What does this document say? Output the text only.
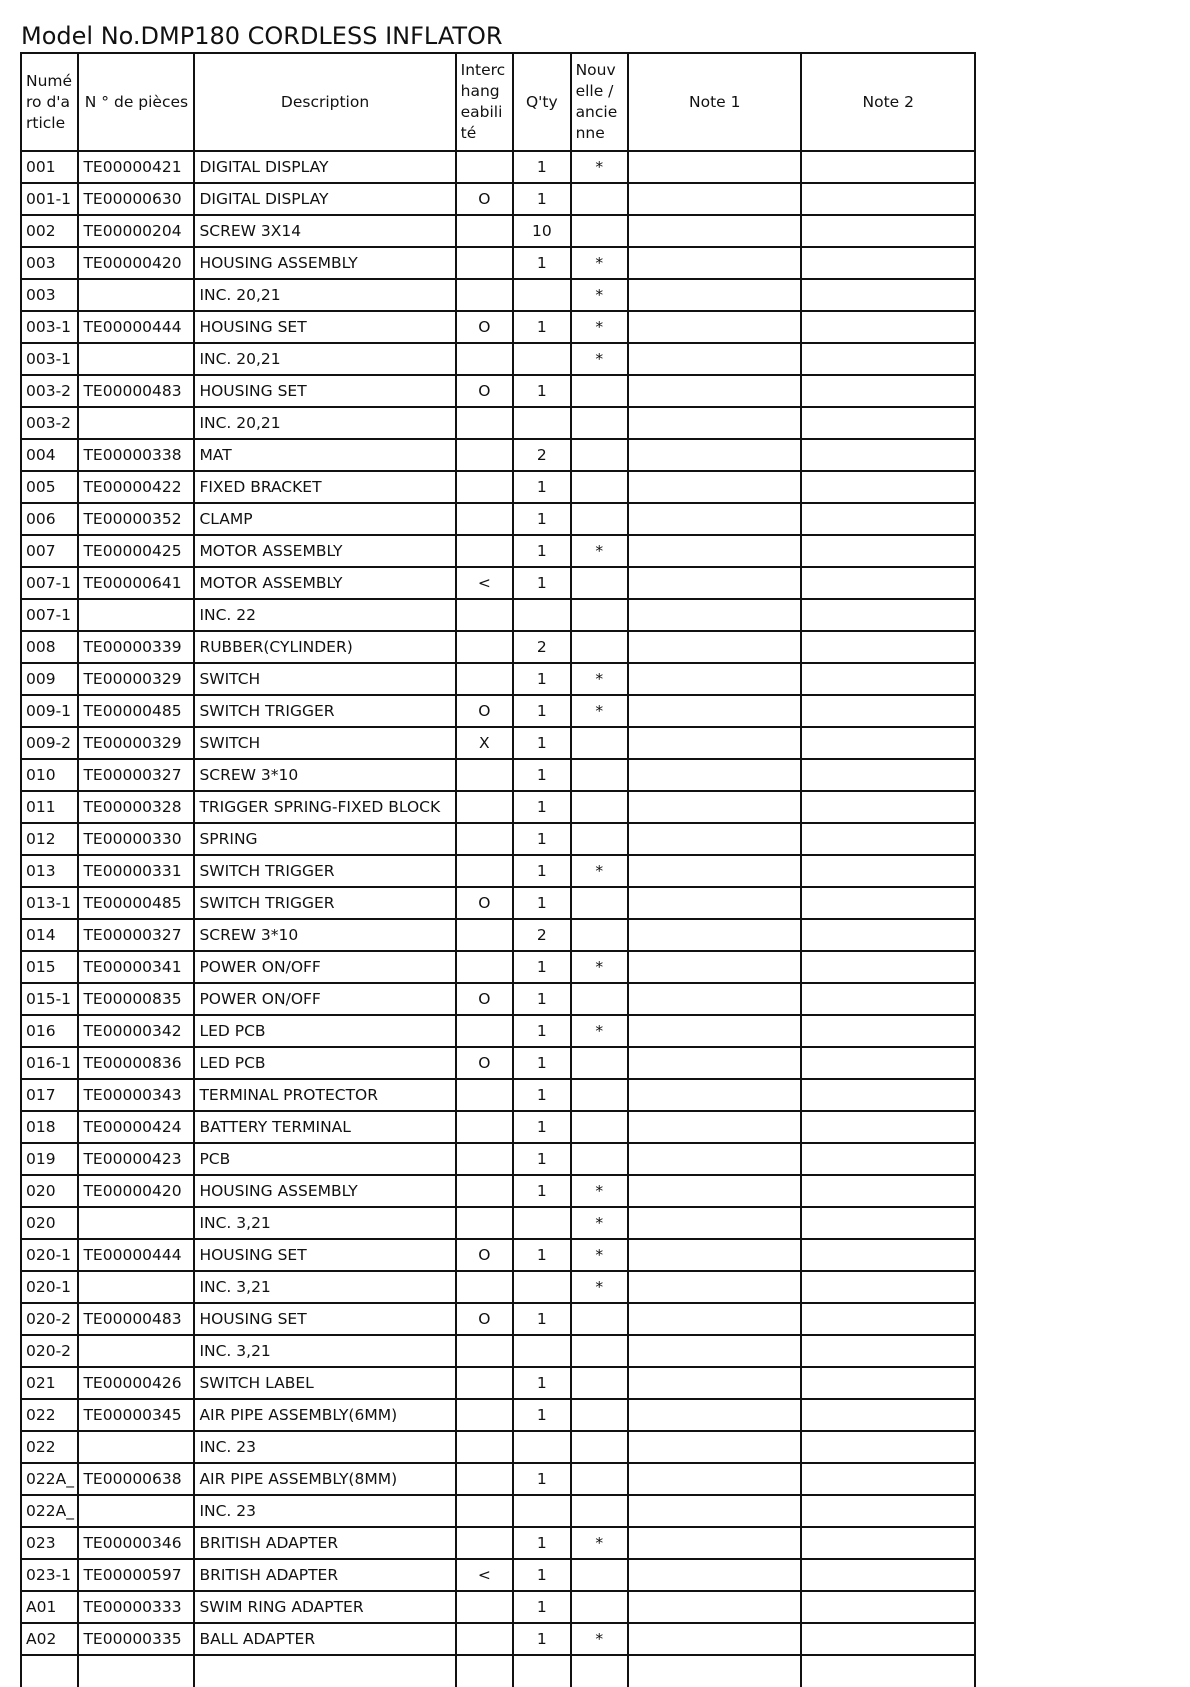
Model No.DMP180 CORDLESS INFLATOR
Numéro d'article	N ° de pièces	Description	Interchangeabilité	Q'ty	Nouvelle / ancienne	Note 1	Note 2
001	TE00000421	DIGITAL DISPLAY		1	*		
001-1	TE00000630	DIGITAL DISPLAY	O	1			
002	TE00000204	SCREW 3X14		10			
003	TE00000420	HOUSING ASSEMBLY		1	*		
003		INC. 20,21			*		
003-1	TE00000444	HOUSING SET	O	1	*		
003-1		INC. 20,21			*		
003-2	TE00000483	HOUSING SET	O	1			
003-2		INC. 20,21					
004	TE00000338	MAT		2			
005	TE00000422	FIXED BRACKET		1			
006	TE00000352	CLAMP		1			
007	TE00000425	MOTOR ASSEMBLY		1	*		
007-1	TE00000641	MOTOR ASSEMBLY	<	1			
007-1		INC. 22					
008	TE00000339	RUBBER(CYLINDER)		2			
009	TE00000329	SWITCH		1	*		
009-1	TE00000485	SWITCH TRIGGER	O	1	*		
009-2	TE00000329	SWITCH	X	1			
010	TE00000327	SCREW 3*10		1			
011	TE00000328	TRIGGER SPRING-FIXED BLOCK		1			
012	TE00000330	SPRING		1			
013	TE00000331	SWITCH TRIGGER		1	*		
013-1	TE00000485	SWITCH TRIGGER	O	1			
014	TE00000327	SCREW 3*10		2			
015	TE00000341	POWER ON/OFF		1	*		
015-1	TE00000835	POWER ON/OFF	O	1			
016	TE00000342	LED PCB		1	*		
016-1	TE00000836	LED PCB	O	1			
017	TE00000343	TERMINAL PROTECTOR		1			
018	TE00000424	BATTERY TERMINAL		1			
019	TE00000423	PCB		1			
020	TE00000420	HOUSING ASSEMBLY		1	*		
020		INC. 3,21			*		
020-1	TE00000444	HOUSING SET	O	1	*		
020-1		INC. 3,21			*		
020-2	TE00000483	HOUSING SET	O	1			
020-2		INC. 3,21					
021	TE00000426	SWITCH LABEL		1			
022	TE00000345	AIR PIPE ASSEMBLY(6MM)		1			
022		INC. 23					
022A_	TE00000638	AIR PIPE ASSEMBLY(8MM)		1			
022A_		INC. 23					
023	TE00000346	BRITISH ADAPTER		1	*		
023-1	TE00000597	BRITISH ADAPTER	<	1			
A01	TE00000333	SWIM RING ADAPTER		1			
A02	TE00000335	BALL ADAPTER		1	*		
